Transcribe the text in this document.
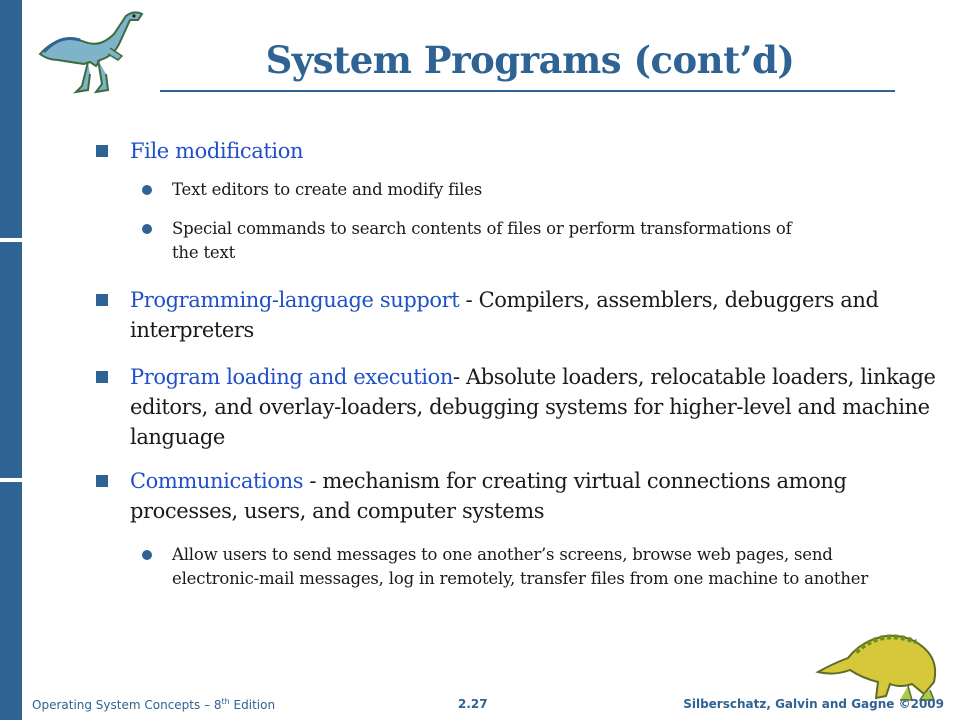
System Programs (cont’d)
File modification
Text editors to create and modify files
Special commands to search contents of files or perform transformations of the text
Programming-language support - Compilers, assemblers, debuggers and interpreters
Program loading and execution- Absolute loaders, relocatable loaders, linkage editors, and overlay-loaders, debugging systems for higher-level and machine language
Communications - mechanism for creating virtual connections among processes, users, and computer systems
Allow users to send messages to one another’s screens, browse web pages, send electronic-mail messages, log in remotely, transfer files from one machine to another
Operating System Concepts – 8th Edition	2.27	Silberschatz, Galvin and Gagne ©2009
